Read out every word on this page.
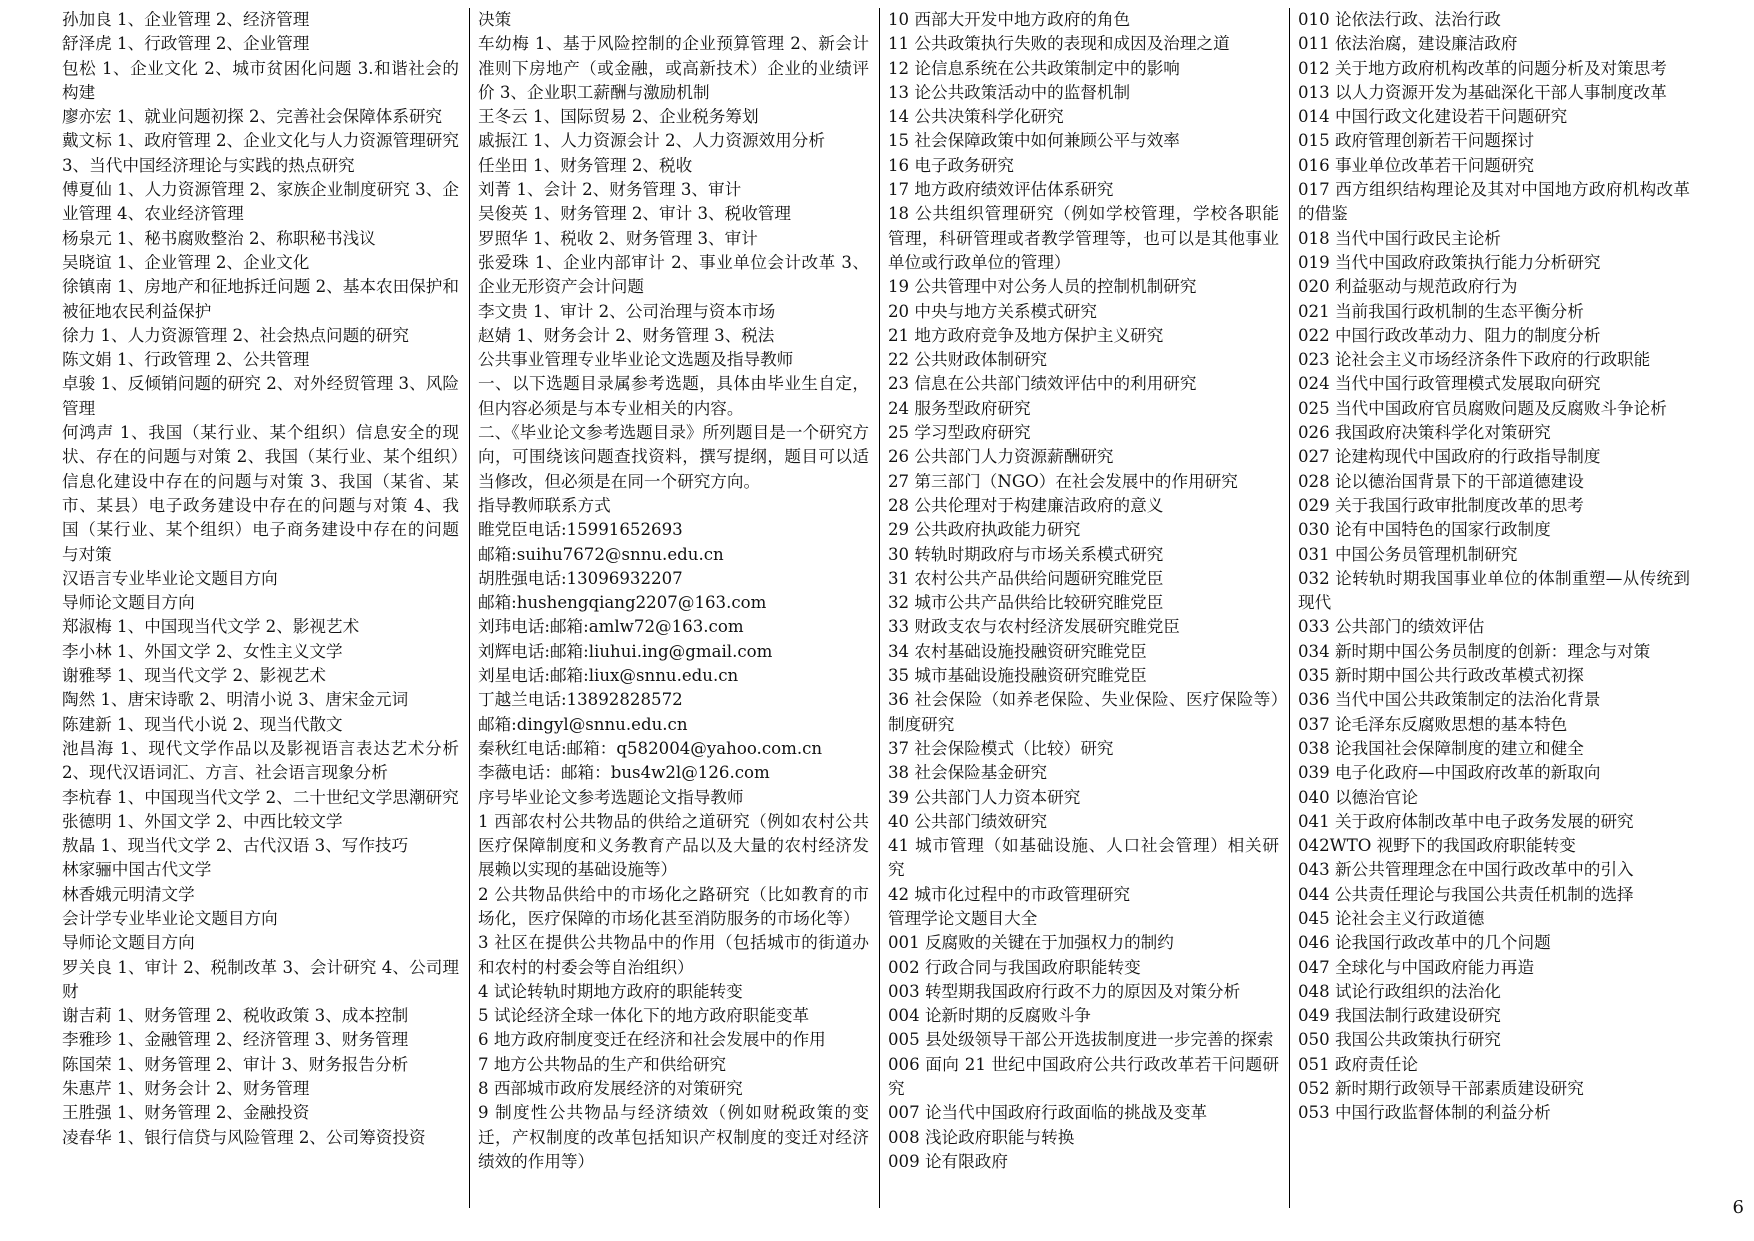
孙加良 1、企业管理 2、经济管理

舒泽虎 1、行政管理 2、企业管理

包松 1、企业文化 2、城市贫困化问题 3.和谐社会的构建

廖亦宏 1、就业问题初探 2、完善社会保障体系研究

戴文标 1、政府管理 2、企业文化与人力资源管理研究 3、当代中国经济理论与实践的热点研究

傅夏仙 1、人力资源管理 2、家族企业制度研究 3、企业管理 4、农业经济管理

杨泉元 1、秘书腐败整治 2、称职秘书浅议

吴晓谊 1、企业管理 2、企业文化

徐镇南 1、房地产和征地拆迁问题 2、基本农田保护和被征地农民利益保护

徐力 1、人力资源管理 2、社会热点问题的研究

陈文娟 1、行政管理 2、公共管理

卓骏 1、反倾销问题的研究 2、对外经贸管理 3、风险管理

何鸿声 1、我国（某行业、某个组织）信息安全的现状、存在的问题与对策 2、我国（某行业、某个组织）信息化建设中存在的问题与对策 3、我国（某省、某市、某县）电子政务建设中存在的问题与对策 4、我国（某行业、某个组织）电子商务建设中存在的问题与对策

汉语言专业毕业论文题目方向

导师论文题目方向

郑淑梅 1、中国现当代文学 2、影视艺术

李小林 1、外国文学 2、女性主义文学

谢雅琴 1、现当代文学 2、影视艺术

陶然 1、唐宋诗歌 2、明清小说 3、唐宋金元词

陈建新 1、现当代小说 2、现当代散文

池昌海 1、现代文学作品以及影视语言表达艺术分析 2、现代汉语词汇、方言、社会语言现象分析

李杭春 1、中国现当代文学 2、二十世纪文学思潮研究

张德明 1、外国文学 2、中西比较文学

敖晶 1、现当代文学 2、古代汉语 3、写作技巧

林家骊中国古代文学

林香娥元明清文学

会计学专业毕业论文题目方向

导师论文题目方向

罗关良 1、审计 2、税制改革 3、会计研究 4、公司理财

谢吉莉 1、财务管理 2、税收政策 3、成本控制

李雅珍 1、金融管理 2、经济管理 3、财务管理

陈国荣 1、财务管理 2、审计 3、财务报告分析

朱惠芹 1、财务会计 2、财务管理

王胜强 1、财务管理 2、金融投资

凌春华 1、银行信贷与风险管理 2、公司筹资投资

决策

车幼梅 1、基于风险控制的企业预算管理 2、新会计准则下房地产（或金融，或高新技术）企业的业绩评价 3、企业职工薪酬与激励机制

王冬云 1、国际贸易 2、企业税务筹划

戚振江 1、人力资源会计 2、人力资源效用分析

任坐田 1、财务管理 2、税收

刘菁 1、会计 2、财务管理 3、审计

吴俊英 1、财务管理 2、审计 3、税收管理

罗照华 1、税收 2、财务管理 3、审计

张爱珠 1、企业内部审计 2、事业单位会计改革 3、企业无形资产会计问题

李文贵 1、审计 2、公司治理与资本市场

赵婧 1、财务会计 2、财务管理 3、税法

公共事业管理专业毕业论文选题及指导教师

一、以下选题目录属参考选题，具体由毕业生自定，但内容必须是与本专业相关的内容。

二、《毕业论文参考选题目录》所列题目是一个研究方向，可围绕该问题查找资料，撰写提纲，题目可以适当修改，但必须是在同一个研究方向。

指导教师联系方式

睢党臣电话:15991652693

邮箱:suihu7672@snnu.edu.cn

胡胜强电话:13096932207

邮箱:hushengqiang2207@163.com

刘玮电话:邮箱:amlw72@163.com

刘辉电话:邮箱:liuhui.ing@gmail.com

刘星电话:邮箱:liux@snnu.edu.cn

丁越兰电话:13892828572

邮箱:dingyl@snnu.edu.cn

秦秋红电话:邮箱：q582004@yahoo.com.cn

李薇电话：邮箱：bus4w2l@126.com

序号毕业论文参考选题论文指导教师

1 西部农村公共物品的供给之道研究（例如农村公共医疗保障制度和义务教育产品以及大量的农村经济发展赖以实现的基础设施等）

2 公共物品供给中的市场化之路研究（比如教育的市场化，医疗保障的市场化甚至消防服务的市场化等）

3 社区在提供公共物品中的作用（包括城市的街道办和农村的村委会等自治组织）

4 试论转轨时期地方政府的职能转变

5 试论经济全球一体化下的地方政府职能变革

6 地方政府制度变迁在经济和社会发展中的作用

7 地方公共物品的生产和供给研究

8 西部城市政府发展经济的对策研究

9 制度性公共物品与经济绩效（例如财税政策的变迁，产权制度的改革包括知识产权制度的变迁对经济绩效的作用等）

10 西部大开发中地方政府的角色

11 公共政策执行失败的表现和成因及治理之道

12 论信息系统在公共政策制定中的影响

13 论公共政策活动中的监督机制

14 公共决策科学化研究

15 社会保障政策中如何兼顾公平与效率

16 电子政务研究

17 地方政府绩效评估体系研究

18 公共组织管理研究（例如学校管理，学校各职能管理，科研管理或者教学管理等，也可以是其他事业单位或行政单位的管理）

19 公共管理中对公务人员的控制机制研究

20 中央与地方关系模式研究

21 地方政府竞争及地方保护主义研究

22 公共财政体制研究

23 信息在公共部门绩效评估中的利用研究

24 服务型政府研究

25 学习型政府研究

26 公共部门人力资源薪酬研究

27 第三部门（NGO）在社会发展中的作用研究

28 公共伦理对于构建廉洁政府的意义

29 公共政府执政能力研究

30 转轨时期政府与市场关系模式研究

31 农村公共产品供给问题研究睢党臣

32 城市公共产品供给比较研究睢党臣

33 财政支农与农村经济发展研究睢党臣

34 农村基础设施投融资研究睢党臣

35 城市基础设施投融资研究睢党臣

36 社会保险（如养老保险、失业保险、医疗保险等）制度研究

37 社会保险模式（比较）研究

38 社会保险基金研究

39 公共部门人力资本研究

40 公共部门绩效研究

41 城市管理（如基础设施、人口社会管理）相关研究

42 城市化过程中的市政管理研究

管理学论文题目大全

001 反腐败的关键在于加强权力的制约

002 行政合同与我国政府职能转变

003 转型期我国政府行政不力的原因及对策分析

004 论新时期的反腐败斗争

005 县处级领导干部公开选拔制度进一步完善的探索

006 面向 21 世纪中国政府公共行政改革若干问题研究

007 论当代中国政府行政面临的挑战及变革

008 浅论政府职能与转换

009 论有限政府

010 论依法行政、法治行政

011 依法治腐，建设廉洁政府

012 关于地方政府机构改革的问题分析及对策思考

013 以人力资源开发为基础深化干部人事制度改革

014 中国行政文化建设若干问题研究

015 政府管理创新若干问题探讨

016 事业单位改革若干问题研究

017 西方组织结构理论及其对中国地方政府机构改革的借鉴

018 当代中国行政民主论析

019 当代中国政府政策执行能力分析研究

020 利益驱动与规范政府行为

021 当前我国行政机制的生态平衡分析

022 中国行政改革动力、阻力的制度分析

023 论社会主义市场经济条件下政府的行政职能

024 当代中国行政管理模式发展取向研究

025 当代中国政府官员腐败问题及反腐败斗争论析

026 我国政府决策科学化对策研究

027 论建构现代中国政府的行政指导制度

028 论以德治国背景下的干部道德建设

029 关于我国行政审批制度改革的思考

030 论有中国特色的国家行政制度

031 中国公务员管理机制研究

032 论转轨时期我国事业单位的体制重塑—从传统到现代

033 公共部门的绩效评估

034 新时期中国公务员制度的创新：理念与对策

035 新时期中国公共行政改革模式初探

036 当代中国公共政策制定的法治化背景

037 论毛泽东反腐败思想的基本特色

038 论我国社会保障制度的建立和健全

039 电子化政府—中国政府改革的新取向

040 以德治官论

041 关于政府体制改革中电子政务发展的研究

042WTO 视野下的我国政府职能转变

043 新公共管理理念在中国行政改革中的引入

044 公共责任理论与我国公共责任机制的选择

045 论社会主义行政道德

046 论我国行政改革中的几个问题

047 全球化与中国政府能力再造

048 试论行政组织的法治化

049 我国法制行政建设研究

050 我国公共政策执行研究

051 政府责任论

052 新时期行政领导干部素质建设研究

053 中国行政监督体制的利益分析

6
